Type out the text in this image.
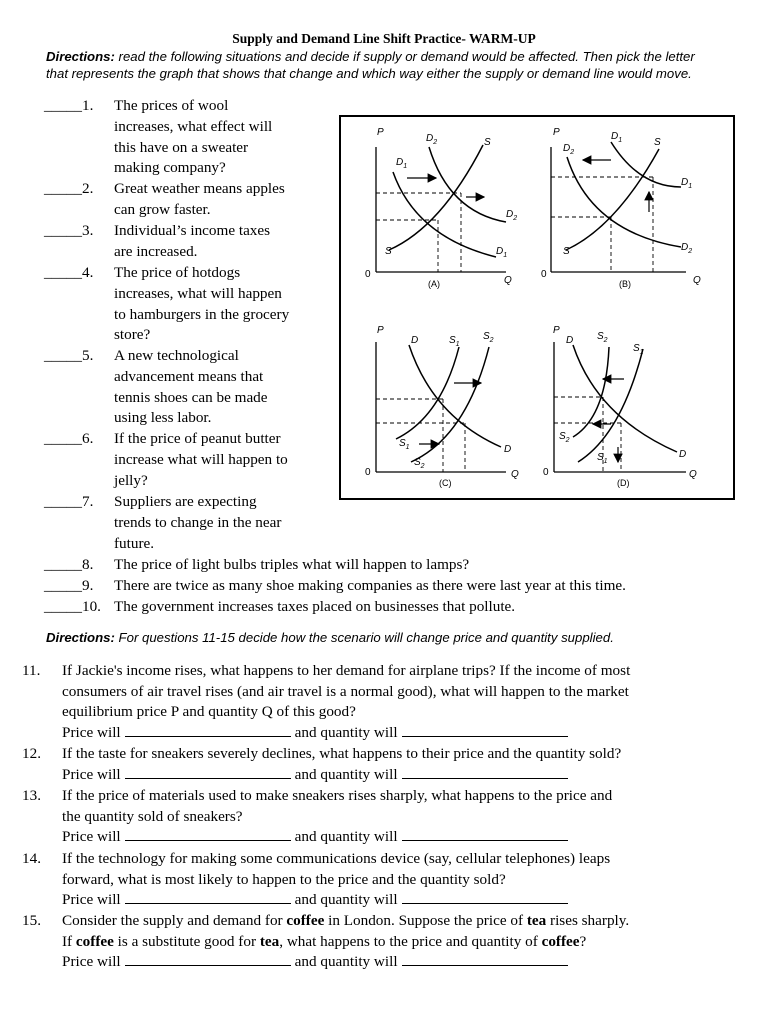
Supply and Demand Line Shift Practice- WARM-UP
Directions: read the following situations and decide if supply or demand would be affected. Then pick the letter
that represents the graph that shows that change and which way either the supply or demand line would move.
_____1.	The prices of wool
increases, what effect will
this have on a sweater
making company?
_____2.	Great weather means apples
can grow faster.
_____3.	Individual’s income taxes
are increased.
_____4.	The price of hotdogs
increases, what will happen
to hamburgers in the grocery
store?
_____5.	A new technological
advancement means that
tennis shoes can be made
using less labor.
_____6.	If the price of peanut butter
increase what will happen to
jelly?
_____7.	Suppliers are expecting
trends to change in the near
future.
_____8.	The price of light bulbs triples what will happen to lamps?
_____9.	There are twice as many shoe making companies as there were last year at this time.
_____10. The government increases taxes placed on businesses that pollute.
P
0
Q
(A)
$D_1$
$D_2$	S
$D_2$
$D_1$
S
P
0
Q
(B)
$D_1$
$D_2$
S
$D_1$
$D_2$
S
P
0	Q
(C)
D	$S_1$
$S_2$
D
$S_1$
$S_2$
P
0	Q
(D)
D $S_2$
$S_1$
D
$S_2$
$S_1$
Directions: For questions 11-15 decide how the scenario will change price and quantity supplied.
11. If Jackie's income rises, what happens to her demand for airplane trips? If the income of most
consumers of air travel rises (and air travel is a normal good), what will happen to the market
equilibrium price P and quantity Q of this good?
Price will	and quantity will
12. If the taste for sneakers severely declines, what happens to their price and the quantity sold?
Price will	and quantity will
13. If the price of materials used to make sneakers rises sharply, what happens to the price and
the quantity sold of sneakers?
Price will	and quantity will
14. If the technology for making some communications device (say, cellular telephones) leaps
forward, what is most likely to happen to the price and the quantity sold?
Price will	and quantity will
15. Consider the supply and demand for coffee in London. Suppose the price of tea rises sharply.
If coffee is a substitute good for tea, what happens to the price and quantity of coffee?
Price will	and quantity will
